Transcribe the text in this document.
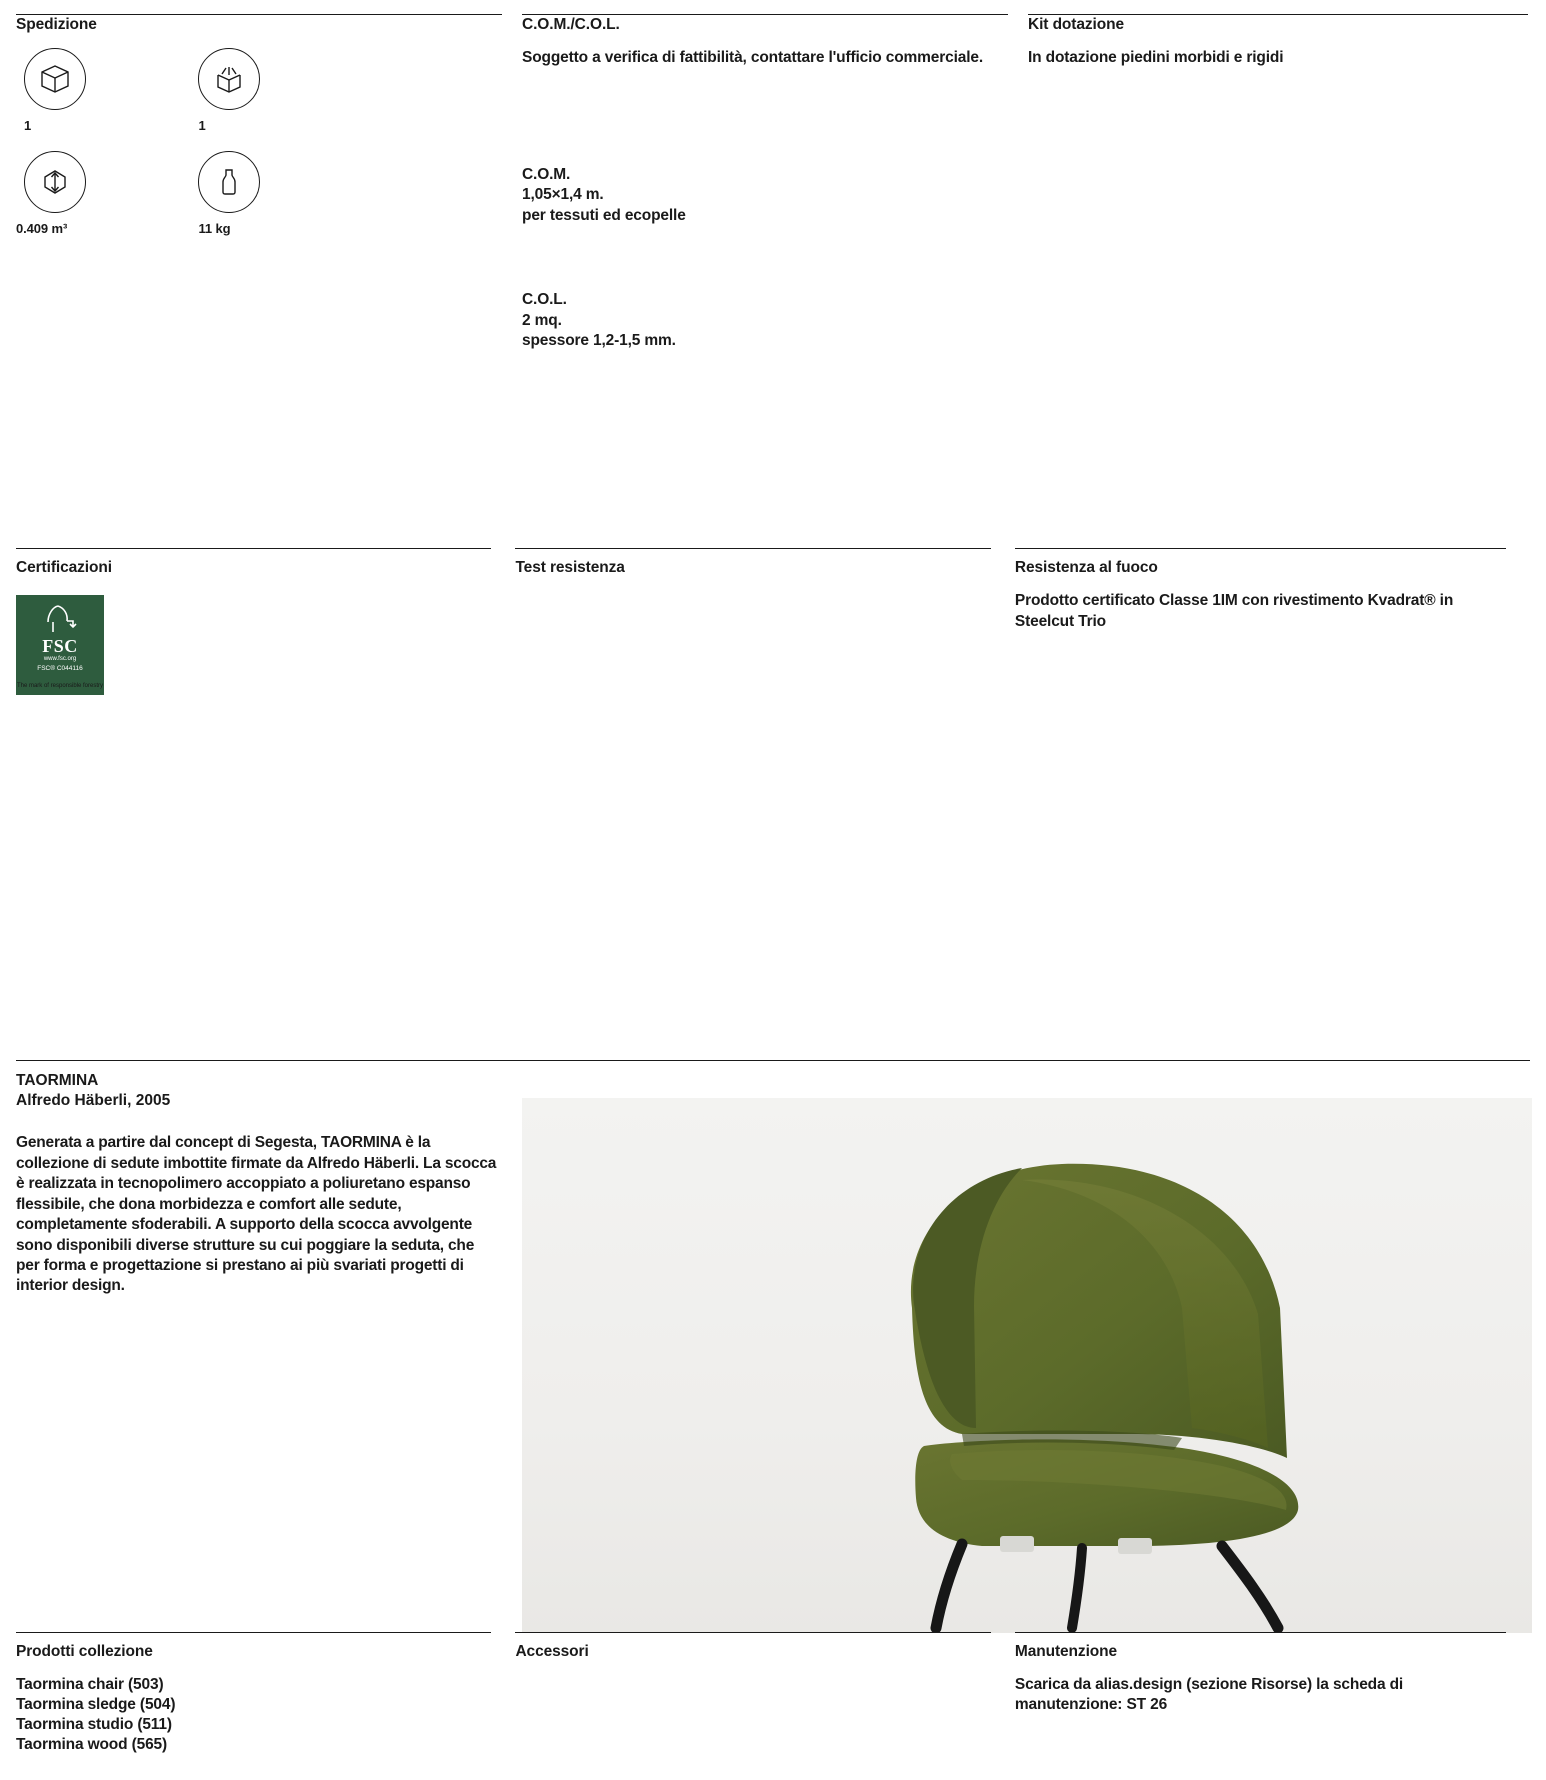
Spedizione
1
	1

0.409 m³
	11 kg
C.O.M./C.O.L.

Soggetto a verifica di fattibilità, contattare l'ufficio commerciale.

C.O.M.

1,05×1,4 m.

per tessuti ed ecopelle

C.O.L.

2 mq.

spessore 1,2-1,5 mm.

Kit dotazione

In dotazione piedini morbidi e rigidi

Certificazioni
FSC
www.fsc.org
FSC® C044116
The mark of responsible forestry
Test resistenza	Resistenza al fuoco

Prodotto certificato Classe 1IM con rivestimento Kvadrat® in Steelcut Trio

TAORMINA

Alfredo Häberli, 2005

Generata a partire dal concept di Segesta, TAORMINA è la collezione di sedute imbottite firmate da Alfredo Häberli. La scocca è realizzata in tecnopolimero accoppiato a poliuretano espanso flessibile, che dona morbidezza e comfort alle sedute, completamente sfoderabili. A supporto della scocca avvolgente sono disponibili diverse strutture su cui poggiare la seduta, che per forma e progettazione si prestano ai più svariati progetti di interior design.

Prodotti collezione

Taormina chair (503)

Taormina sledge (504)

Taormina studio (511)

Taormina wood (565)

Accessori	Manutenzione

Scarica da alias.design (sezione Risorse) la scheda di manutenzione: ST 26
